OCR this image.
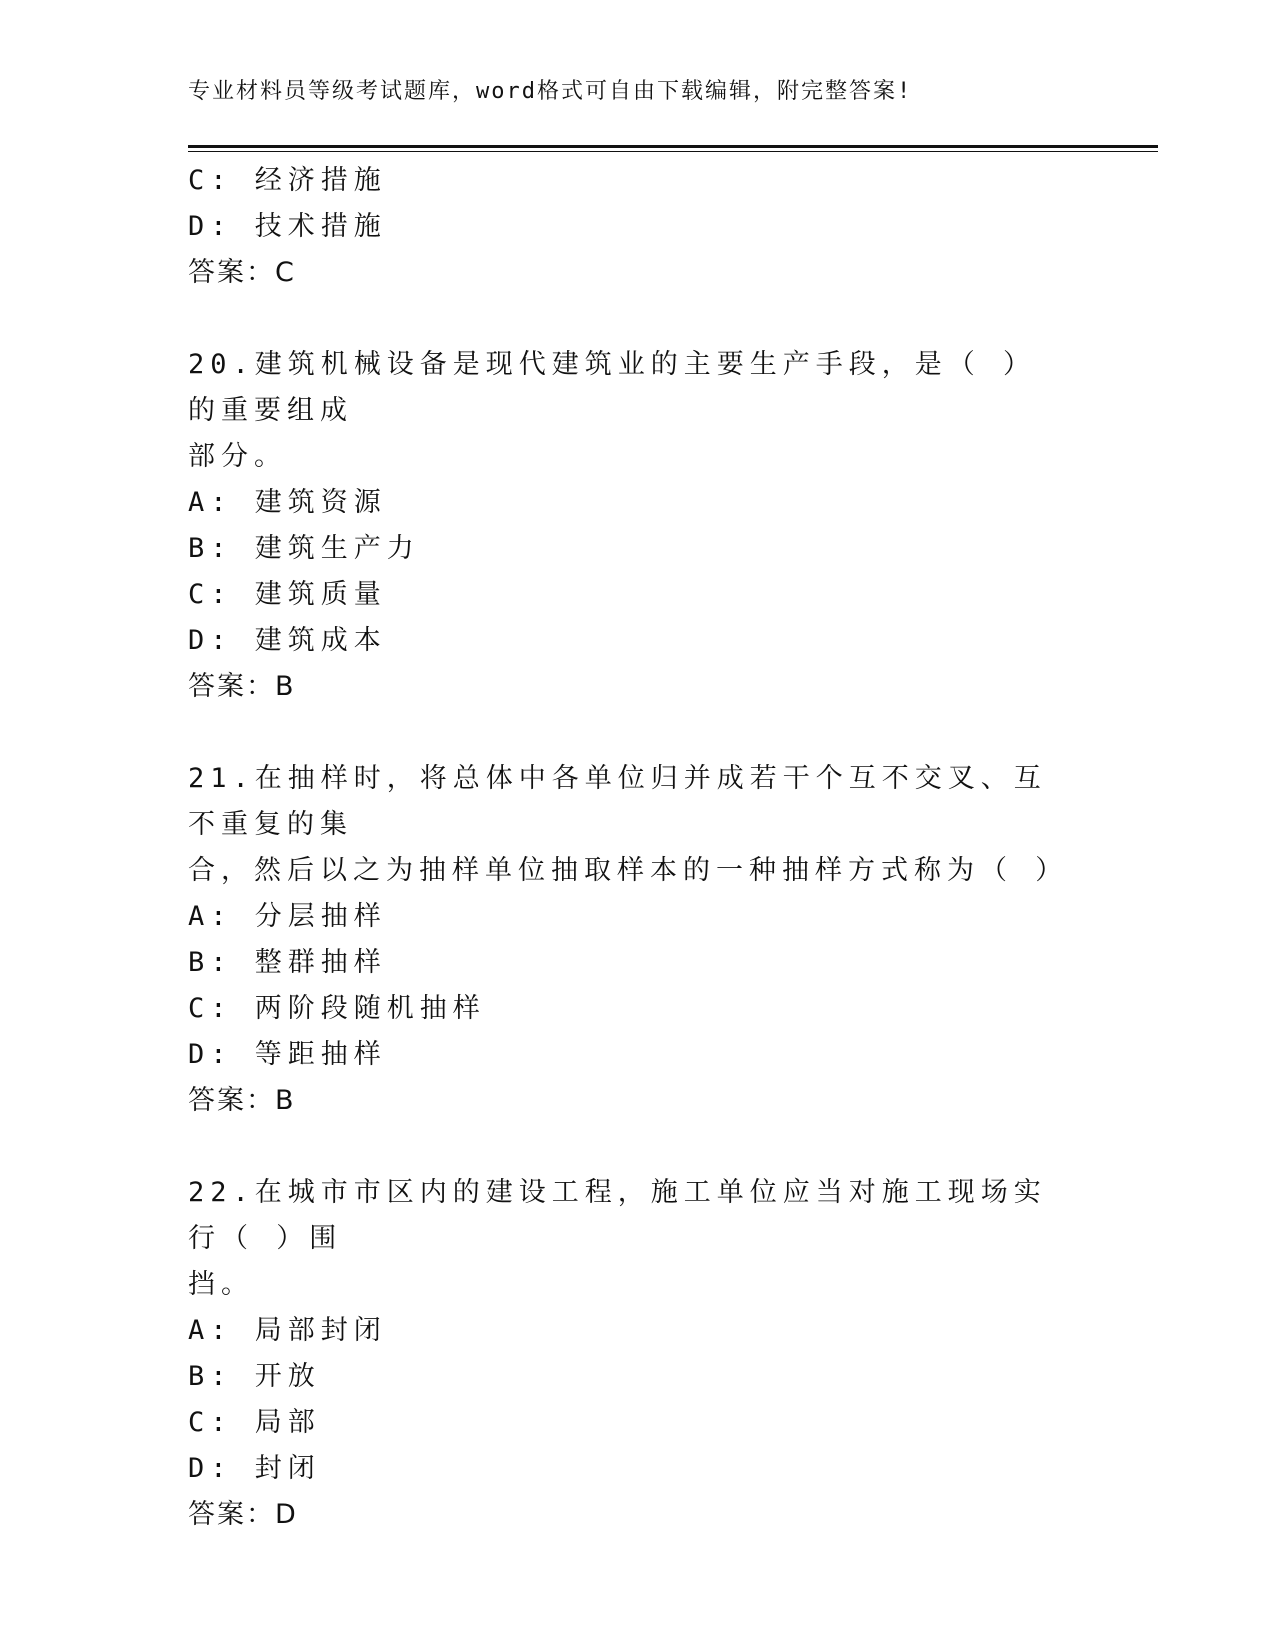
专业材料员等级考试题库，word格式可自由下载编辑，附完整答案!
C: 经济措施
D: 技术措施
答案：C
20.建筑机械设备是现代建筑业的主要生产手段，是（ ）的重要组成
部分。
A: 建筑资源
B: 建筑生产力
C: 建筑质量
D: 建筑成本
答案：B
21.在抽样时，将总体中各单位归并成若干个互不交叉、互不重复的集
合，然后以之为抽样单位抽取样本的一种抽样方式称为（ ）
A: 分层抽样
B: 整群抽样
C: 两阶段随机抽样
D: 等距抽样
答案：B
22.在城市市区内的建设工程，施工单位应当对施工现场实行（ ）围
挡。
A: 局部封闭
B: 开放
C: 局部
D: 封闭
答案：D
